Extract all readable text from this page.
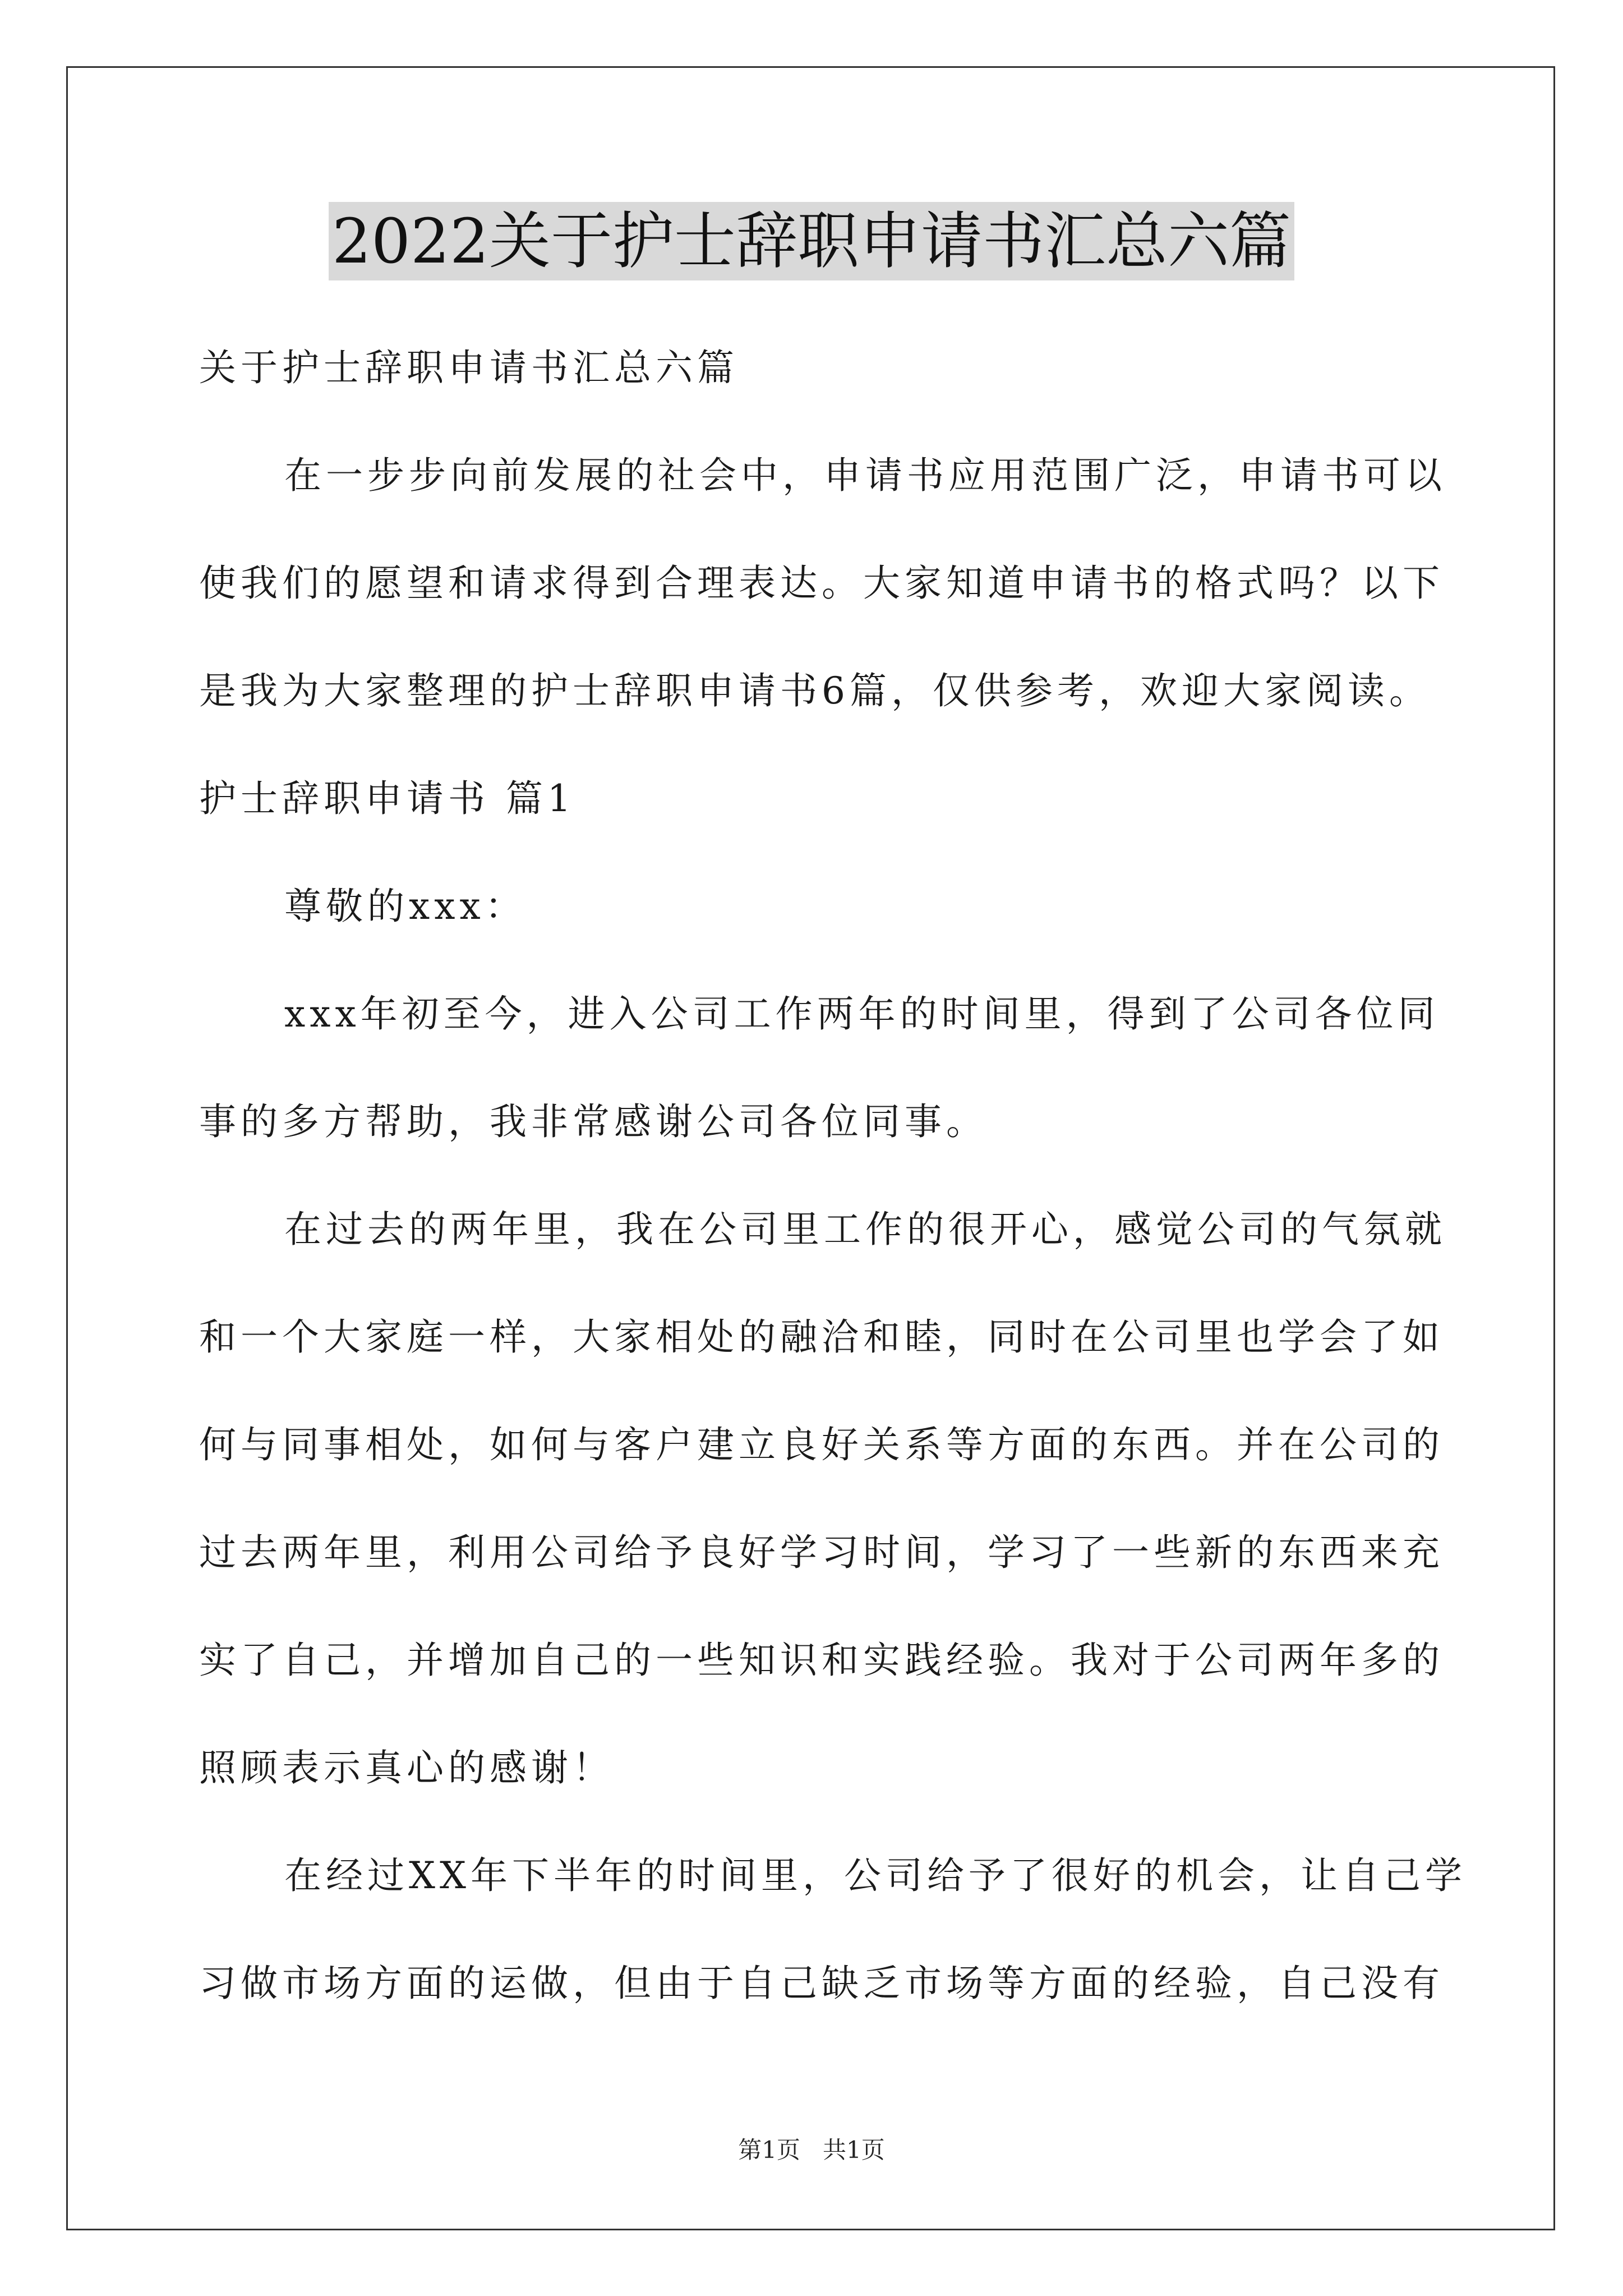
2022关于护士辞职申请书汇总六篇
关于护士辞职申请书汇总六篇
在一步步向前发展的社会中，申请书应用范围广泛，申请书可以
使我们的愿望和请求得到合理表达。大家知道申请书的格式吗？以下
是我为大家整理的护士辞职申请书6篇，仅供参考，欢迎大家阅读。
护士辞职申请书 篇1
尊敬的xxx：
xxx年初至今，进入公司工作两年的时间里，得到了公司各位同
事的多方帮助，我非常感谢公司各位同事。
在过去的两年里，我在公司里工作的很开心，感觉公司的气氛就
和一个大家庭一样，大家相处的融洽和睦，同时在公司里也学会了如
何与同事相处，如何与客户建立良好关系等方面的东西。并在公司的
过去两年里，利用公司给予良好学习时间，学习了一些新的东西来充
实了自己，并增加自己的一些知识和实践经验。我对于公司两年多的
照顾表示真心的感谢！
在经过XX年下半年的时间里，公司给予了很好的机会，让自己学
习做市场方面的运做，但由于自己缺乏市场等方面的经验，自己没有
第1页 共1页
